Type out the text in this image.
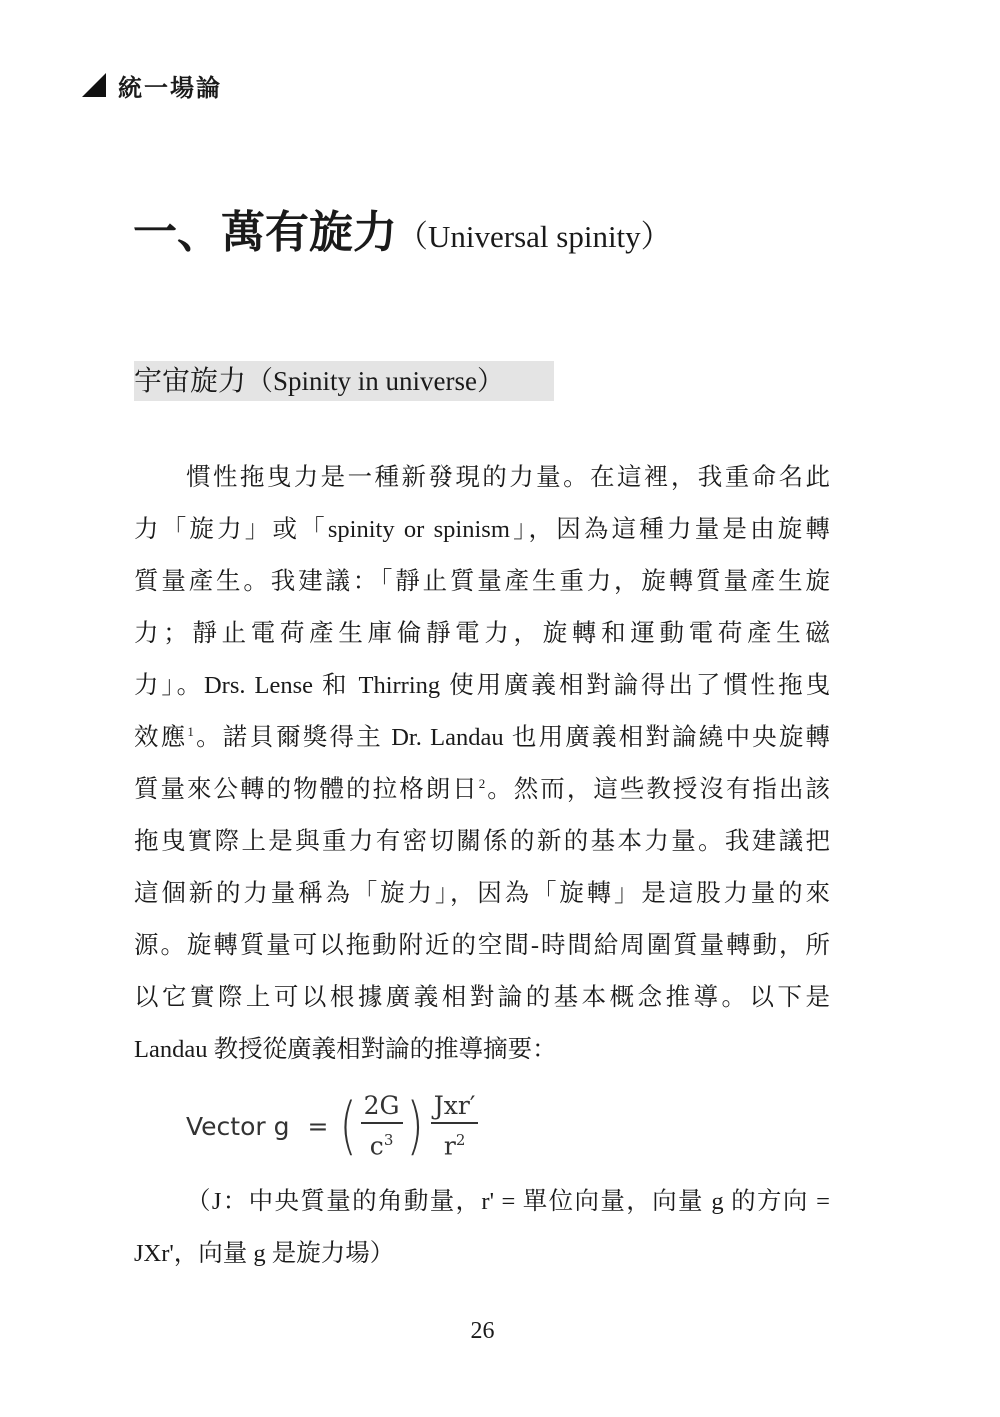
統一場論
一、萬有旋力（Universal spinity）
宇宙旋力（Spinity in universe）

慣性拖曳力是一種新發現的力量。在這裡，我重命名此

力「旋力」或「spinity or spinism」，因為這種力量是由旋轉

質量產生。我建議：「靜止質量產生重力，旋轉質量產生旋

力；靜止電荷產生庫倫靜電力，旋轉和運動電荷產生磁

力」。Drs. Lense 和 Thirring 使用廣義相對論得出了慣性拖曳

效應$^1$。諾貝爾獎得主 Dr. Landau 也用廣義相對論繞中央旋轉

質量來公轉的物體的拉格朗日$^2$。然而，這些教授沒有指出該

拖曳實際上是與重力有密切關係的新的基本力量。我建議把

這個新的力量稱為「旋力」，因為「旋轉」是這股力量的來

源。旋轉質量可以拖動附近的空間-時間給周圍質量轉動，所

以它實際上可以根據廣義相對論的基本概念推導。以下是

Landau 教授從廣義相對論的推導摘要：

Vector g = ( $\frac{2G}{c^3}$ ) $\frac{\text{Jxr′}}{r^2}$

（J：中央質量的角動量，r' = 單位向量，向量 g 的方向 =

JXr'，向量 g 是旋力場）

26
